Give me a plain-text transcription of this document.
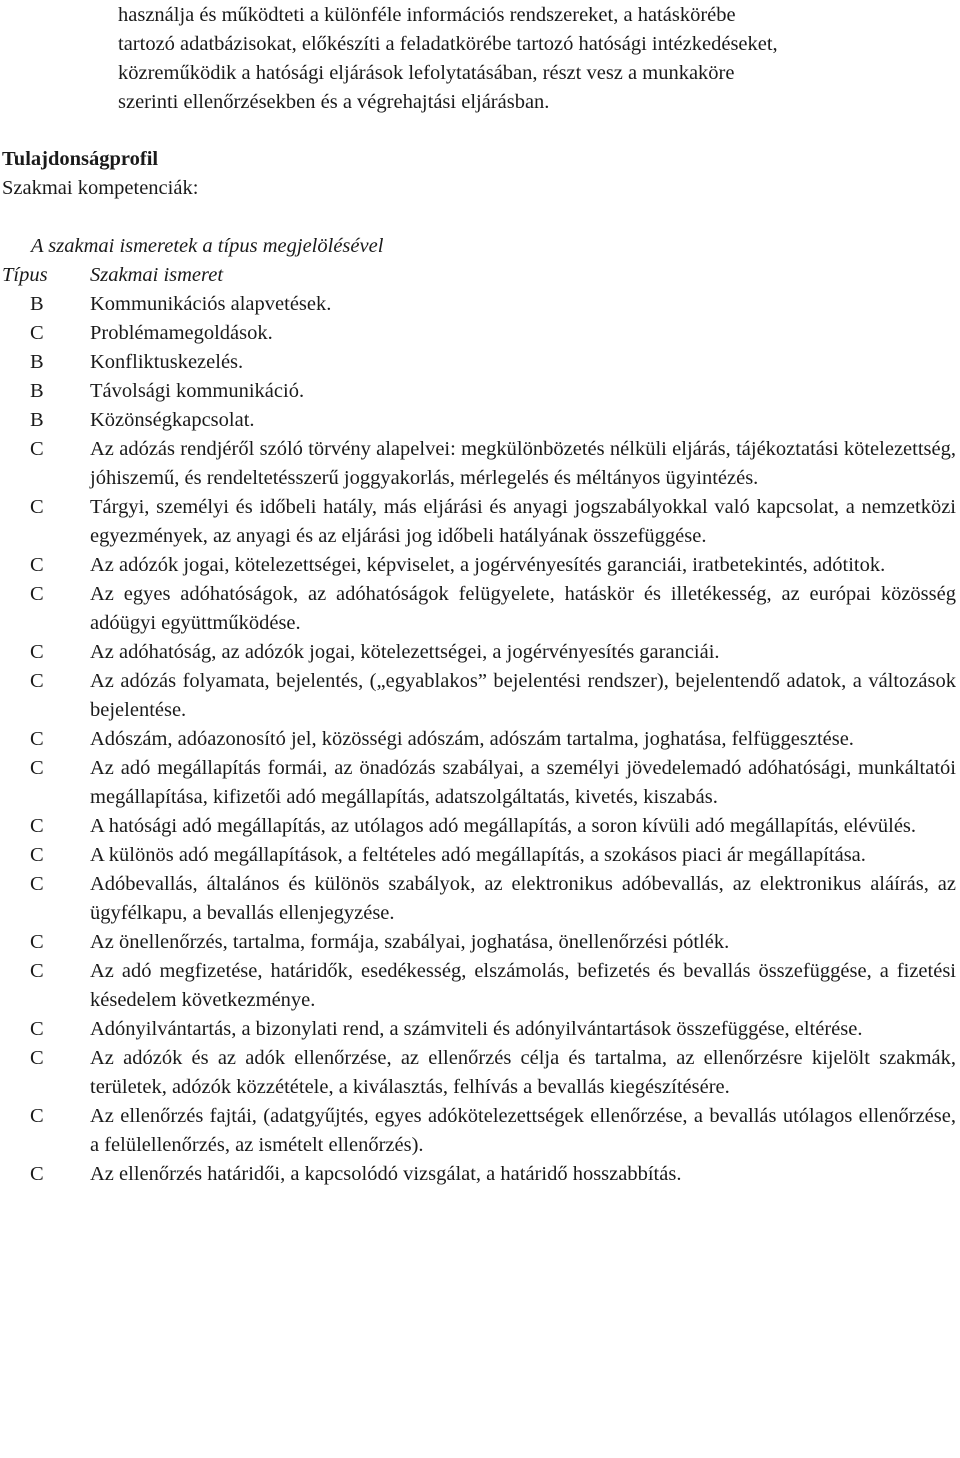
használja és működteti a különféle információs rendszereket, a hatáskörébe

tartozó adatbázisokat, előkészíti a feladatkörébe tartozó hatósági intézkedéseket,

közreműködik a hatósági eljárások lefolytatásában, részt vesz a munkaköre

szerinti ellenőrzésekben és a végrehajtási eljárásban.

Tulajdonságprofil
Szakmai kompetenciák:
A szakmai ismeretek a típus megjelölésével
Típus	Szakmai ismeret
B	Kommunikációs alapvetések.
C	Problémamegoldások.
B	Konfliktuskezelés.
B	Távolsági kommunikáció.
B	Közönségkapcsolat.
C	Az adózás rendjéről szóló törvény alapelvei: megkülönbözetés nélküli eljárás, tájékoztatási kötelezettség, jóhiszemű, és rendeltetésszerű joggyakorlás, mérlegelés és méltányos ügyintézés.
C	Tárgyi, személyi és időbeli hatály, más eljárási és anyagi jogszabályokkal való kapcsolat, a nemzetközi egyezmények, az anyagi és az eljárási jog időbeli hatályának összefüggése.
C	Az adózók jogai, kötelezettségei, képviselet, a jogérvényesítés garanciái, iratbetekintés, adótitok.
C	Az egyes adóhatóságok, az adóhatóságok felügyelete, hatáskör és illetékesség, az európai közösség adóügyi együttműködése.
C	Az adóhatóság, az adózók jogai, kötelezettségei, a jogérvényesítés garanciái.
C	Az adózás folyamata, bejelentés, („egyablakos” bejelentési rendszer), bejelentendő adatok, a változások bejelentése.
C	Adószám, adóazonosító jel, közösségi adószám, adószám tartalma, joghatása, felfüggesztése.
C	Az adó megállapítás formái, az önadózás szabályai, a személyi jövedelemadó adóhatósági, munkáltatói megállapítása, kifizetői adó megállapítás, adatszolgáltatás, kivetés, kiszabás.
C	A hatósági adó megállapítás, az utólagos adó megállapítás, a soron kívüli adó megállapítás, elévülés.
C	A különös adó megállapítások, a feltételes adó megállapítás, a szokásos piaci ár megállapítása.
C	Adóbevallás, általános és különös szabályok, az elektronikus adóbevallás, az elektronikus aláírás, az ügyfélkapu, a bevallás ellenjegyzése.
C	Az önellenőrzés, tartalma, formája, szabályai, joghatása, önellenőrzési pótlék.
C	Az adó megfizetése, határidők, esedékesség, elszámolás, befizetés és bevallás összefüggése, a fizetési késedelem következménye.
C	Adónyilvántartás, a bizonylati rend, a számviteli és adónyilvántartások összefüggése, eltérése.
C	Az adózók és az adók ellenőrzése, az ellenőrzés célja és tartalma, az ellenőrzésre kijelölt szakmák, területek, adózók közzététele, a kiválasztás, felhívás a bevallás kiegészítésére.
C	Az ellenőrzés fajtái, (adatgyűjtés, egyes adókötelezettségek ellenőrzése, a bevallás utólagos ellenőrzése, a felülellenőrzés, az ismételt ellenőrzés).
C	Az ellenőrzés határidői, a kapcsolódó vizsgálat, a határidő hosszabbítás.
